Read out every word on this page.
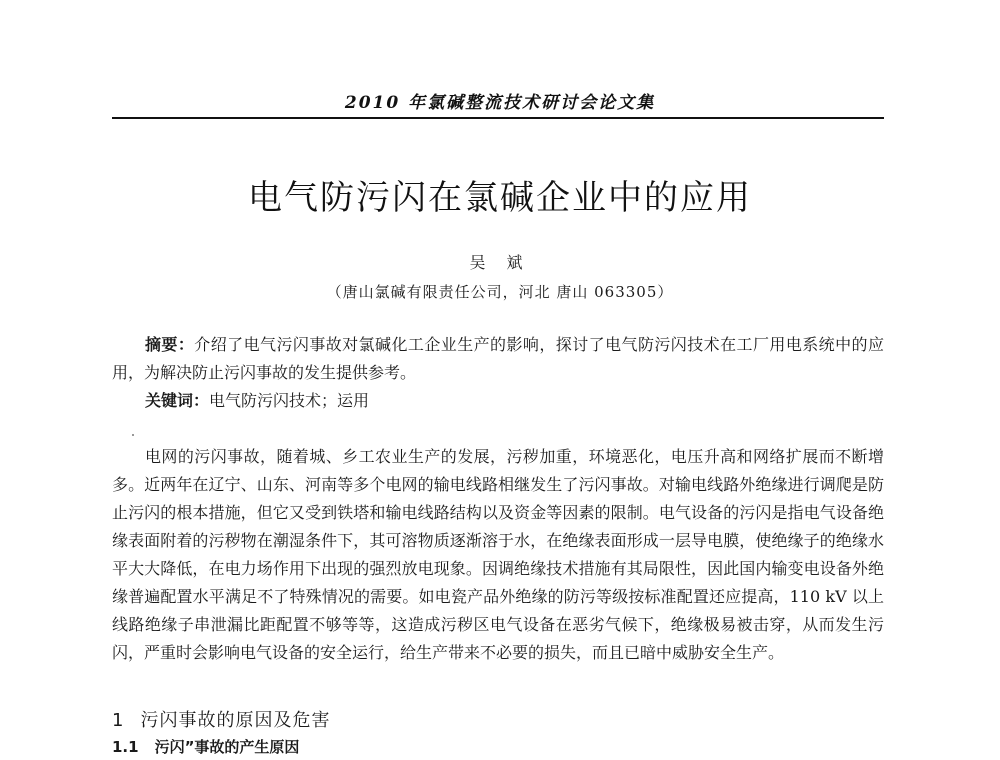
2010 年氯碱整流技术研讨会论文集
电气防污闪在氯碱企业中的应用
吴 斌
（唐山氯碱有限责任公司，河北 唐山 063305）

摘要：介绍了电气污闪事故对氯碱化工企业生产的影响，探讨了电气防污闪技术在工厂用电系统中的应用，为解决防止污闪事故的发生提供参考。

关键词：电气防污闪技术；运用

电网的污闪事故，随着城、乡工农业生产的发展，污秽加重，环境恶化，电压升高和网络扩展而不断增多。近两年在辽宁、山东、河南等多个电网的输电线路相继发生了污闪事故。对输电线路外绝缘进行调爬是防止污闪的根本措施，但它又受到铁塔和输电线路结构以及资金等因素的限制。电气设备的污闪是指电气设备绝缘表面附着的污秽物在潮湿条件下，其可溶物质逐渐溶于水，在绝缘表面形成一层导电膜，使绝缘子的绝缘水平大大降低，在电力场作用下出现的强烈放电现象。因调绝缘技术措施有其局限性，因此国内输变电设备外绝缘普遍配置水平满足不了特殊情况的需要。如电瓷产品外绝缘的防污等级按标准配置还应提高，110 kV 以上线路绝缘子串泄漏比距配置不够等等，这造成污秽区电气设备在恶劣气候下，绝缘极易被击穿，从而发生污闪，严重时会影响电气设备的安全运行，给生产带来不必要的损失，而且已暗中威胁安全生产。

1 污闪事故的原因及危害
1.1 污闪”事故的产生原因
